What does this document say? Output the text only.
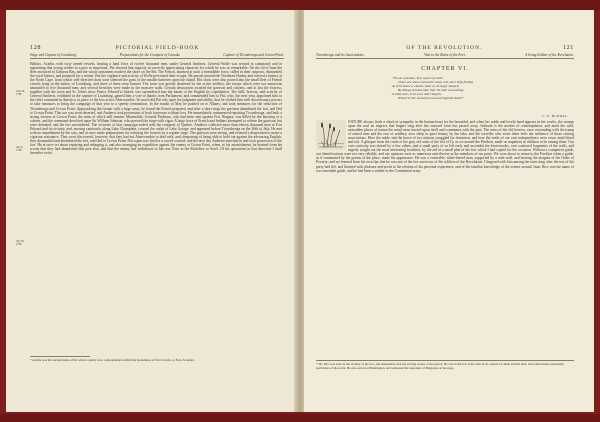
128	PICTORIAL FIELD-BOOK
Siege and Capture of Louisburg.	Preparations for the Conquest of Canada.	Capture of Ticonderoga and Crown Point.
June 26,
1758.
July 8,
1758.
July 26,
1759.
Halifax. Acadia, with forty armed vessels, bearing a land force of twelve thousand men, under General Amherst. General Wolfe was second in command; and in appointing that young soldier to a post so important, Pitt showed that sagacity in correctly appreciating character for which he was so remarkable. On the 2d of June the fleet anchored in Gabarus Bay, and the whole armament reached the shore on the 8th. The French, alarmed at such a formidable force, called in their outposts, dismantled the royal battery, and prepared for a retreat. But the vigilance and activity of Wolfe prevented their escape. He passed around the Northeast Harbor and erected a battery at the North Cape, from which well-directed shots soon silenced the guns of the smaller batteries upon the island. Hot shots were also poured into the small fleet of French vessels lying in the harbor of Louisburg, and three of them were burned. The town was greatly shattered by the active artillery, the troops which were not numerous amounted to five thousand men; and several breaches were made in the massive walls. Certain destruction awaited the garrison and citizens, and at last the fortress, together with the town and St. John's (now Prince Edward's) Island, was surrendered into the hands of the English by capitulation. The skill, bravery, and activity of General Amherst, exhibited in the capture of Louisburg, gained him a vote of thanks from Parliament, and commended him to Pitt, who, the next year, appointed him to the chief command in America, in place of the less active Abercrombie. So much did Pitt rely upon his judgment and ability, that he clothed him with discretionary powers to take measures to bring the campaign of that year to a speedy termination. In the month of May he pushed on to Albany, and took measures for the reduction of Ticonderoga and Crown Point. Approaching the former with a large army, he found the French prepared, and after a short siege the garrison abandoned the fort, and fled to Crown Point. That too was soon deserted, and Amherst took possession of both fortresses without loss. He immediately commenced repairing Ticonderoga, and built a strong fortress at Crown Point, the ruins of which still remain. Meanwhile, General Prideaux, who had been sent against Fort Niagara, was killed by the bursting of a cohorn, and the command devolved upon Sir William Johnson, who pressed the siege with vigor. A large force of French and Indians attempted to relieve the garrison, but were defeated, and the fort surrendered. The victories of that campaign ended with the conquest of Quebec. Amherst collected more than eleven thousand men at Fort Edward and its vicinity, and, moving cautiously along Lake Champlain, crossed the outlet of Lake George, and appeared before Ticonderoga on the 26th of July. He met with no impediment by the way, and at once made preparations for reducing the fortress by a regular siege. The garrison were strong, and evinced a disposition to make a vigorous resistance. They soon discovered, however, that they had not Abercrombie to deal with, and, despairing of being able to hold out against the advancing English, they dismantled and abandoned the fort, and fled to Crown Point. Not a gun was fired or a sword crossed; and the next day Amherst marched in and took possession of the fort. He at once set about repairing and enlarging it, and also arranging an expedition against the enemy at Crown Point, when, to his astonishment, he learned from his scouts that they had abandoned that post also, and that the enemy had withdrawn to Isle aux Noix in the Richelieu or Sorel. Of his operations in that direction I shall hereafter write.
* Acadia was the ancient name of the whole country now comprehended within the boundaries of Nova Scotia, or New Scotland.
OF THE REVOLUTION.	121
Ticonderoga and its Associations.	Visit to the Ruins of the Fort.	A living Soldier of the Revolution.
CHAPTER VI.
"I'm an outcaste, lost, upon my bent;
There are some memories when one can't help feeling
As if he knew a classic stain so strongly steeped
By things around him, that 'tis vain concealing
A little awe, in its own still chagrin,
Where'er the memories ancient legends dwell."
C. F. Hoffman.
NATURE always finds a chord of sympathy in the human heart for the beautiful, and when her noble and lovely hand appears in her works, she stamps upon the soul an impress that lingers long after the outward form has passed away. Solitude is the mother of contemplation, and amid the wild, untrodden places of nature the mind turns inward upon itself and communes with the past. The ruins of the old fortress, once resounding with the tramp of armed men and the roar of artillery, now sleep in quiet beauty by the lake, and the traveller who visits them feels the influence of those stirring associations. Here the noble and the brave of two nations struggled for dominion, and here the seeds of our own independence were sown amid blood and toil. A glimpse from the roads of the gray old ruins of the fort of Ty, as we neared the Pavilion, made us impatient as children to be among them. Our own curiosity was shared by a few others, and a small party of us left early and ascended the breastworks, over scattered fragments of the walls, and eagerly sought out the most interesting localities, by the aid of a small plan of the fort which I had copied for the occasion. Without a competent guide, our identifications were not very reliable, and our opinions were as numerous and diverse as the members of our party. We were about to return to the Pavilion when a guide, as if summoned by the genius of the place, made his appearance. He was a venerable, white-haired man, supported by a rude staff, and bearing the insignia of the Order of Poverty; and we learned from his own lips that he was one of the few survivors of the soldiers of the Revolution. I lingered with him among the ruins long after the rest of the party had left, and listened with pleasure and profit to the relation of his personal experience, and of the familiar knowledge of the scenes around. Isaac Rice was the name of our venerable guide, and he had been a soldier in the Continental army.
* Mr. Rice was born in the vicinity of the fort, and remembers well the stirring scenes of the period. He was in the fort at the time of its capture by Allen and his men, and relates many interesting particulars of the event. He also served at Bennington, and witnessed the surrender of Burgoyne at Saratoga.
